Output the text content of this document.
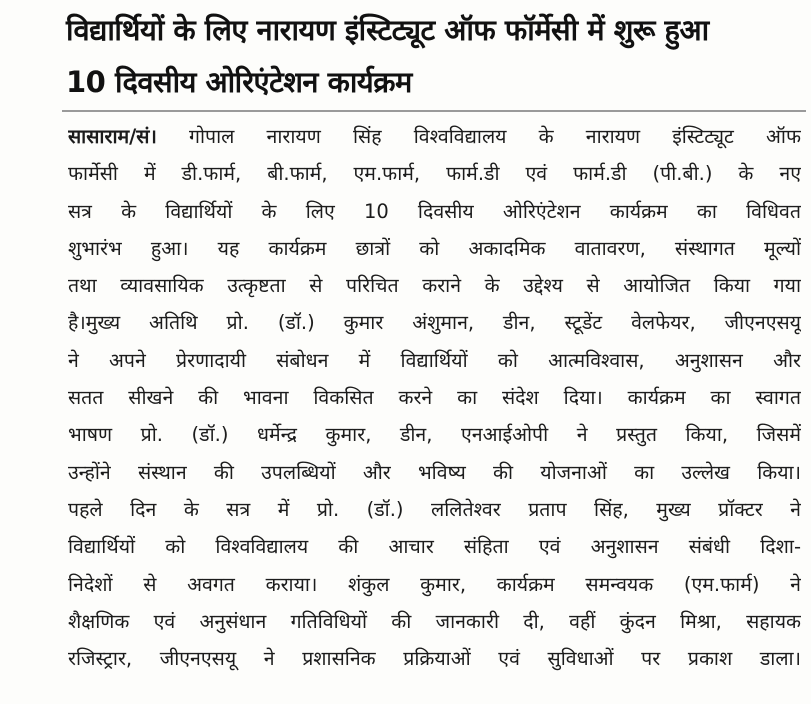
विद्यार्थियों के लिए नारायण इंस्टिट्यूट ऑफ फॉर्मेसी में शुरू हुआ
10 दिवसीय ओरिएंटेशन कार्यक्रम
सासाराम/सं। गोपाल नारायण सिंह विश्वविद्यालय के नारायण इंस्टिट्यूट ऑफ
फार्मेसी में डी.फार्म, बी.फार्म, एम.फार्म, फार्म.डी एवं फार्म.डी (पी.बी.) के नए
सत्र के विद्यार्थियों के लिए 10 दिवसीय ओरिएंटेशन कार्यक्रम का विधिवत
शुभारंभ हुआ। यह कार्यक्रम छात्रों को अकादमिक वातावरण, संस्थागत मूल्यों
तथा व्यावसायिक उत्कृष्टता से परिचित कराने के उद्देश्य से आयोजित किया गया
है।मुख्य अतिथि प्रो. (डॉ.) कुमार अंशुमान, डीन, स्टूडेंट वेलफेयर, जीएनएसयू
ने अपने प्रेरणादायी संबोधन में विद्यार्थियों को आत्मविश्वास, अनुशासन और
सतत सीखने की भावना विकसित करने का संदेश दिया। कार्यक्रम का स्वागत
भाषण प्रो. (डॉ.) धर्मेन्द्र कुमार, डीन, एनआईओपी ने प्रस्तुत किया, जिसमें
उन्होंने संस्थान की उपलब्धियों और भविष्य की योजनाओं का उल्लेख किया।
पहले दिन के सत्र में प्रो. (डॉ.) ललितेश्वर प्रताप सिंह, मुख्य प्रॉक्टर ने
विद्यार्थियों को विश्वविद्यालय की आचार संहिता एवं अनुशासन संबंधी दिशा-
निदेशों से अवगत कराया। शंकुल कुमार, कार्यक्रम समन्वयक (एम.फार्म) ने
शैक्षणिक एवं अनुसंधान गतिविधियों की जानकारी दी, वहीं कुंदन मिश्रा, सहायक
रजिस्ट्रार, जीएनएसयू ने प्रशासनिक प्रक्रियाओं एवं सुविधाओं पर प्रकाश डाला।
